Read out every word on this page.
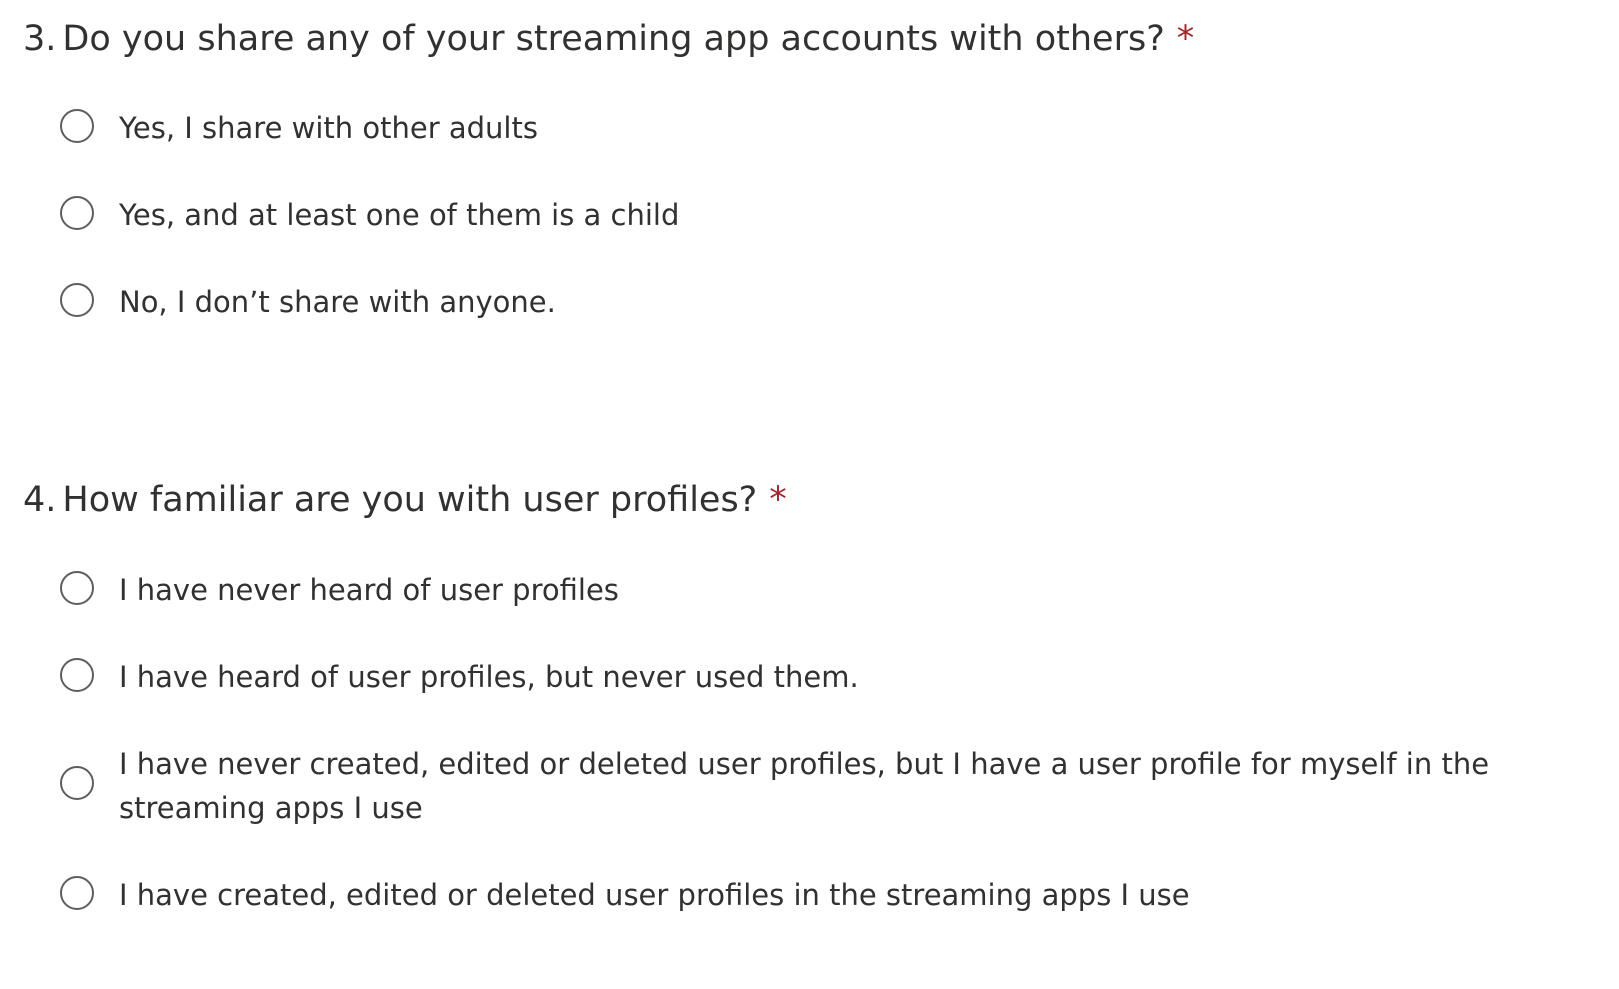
3. Do you share any of your streaming app accounts with others? *
Yes, I share with other adults
Yes, and at least one of them is a child
No, I don’t share with anyone.
4. How familiar are you with user profiles? *
I have never heard of user profiles
I have heard of user profiles, but never used them.
I have never created, edited or deleted user profiles, but I have a user profile for myself in the streaming apps I use
I have created, edited or deleted user profiles in the streaming apps I use
